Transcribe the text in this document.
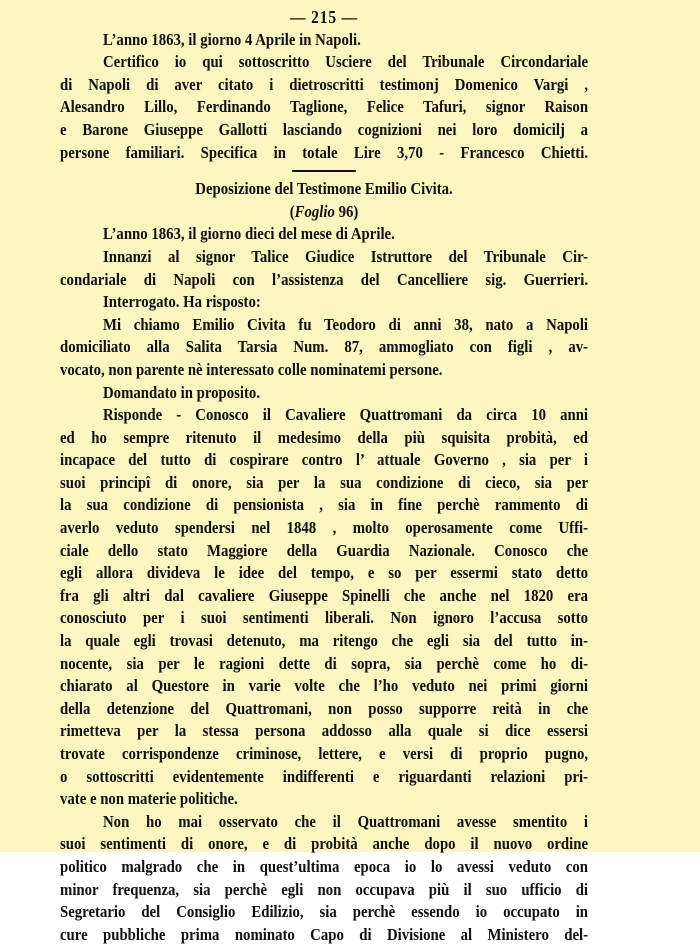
— 215 —
L’anno 1863, il giorno 4 Aprile in Napoli.
Certifico io qui sottoscritto Usciere del Tribunale Circondariale
di Napoli di aver citato i dietroscritti testimonj Domenico Vargi ,
Alesandro Lillo, Ferdinando Taglione, Felice Tafuri, signor Raison
e Barone Giuseppe Gallotti lasciando cognizioni nei loro domicilj a
persone familiari. Specifica in totale Lire 3,70 - Francesco Chietti.
Deposizione del Testimone Emilio Civita.
(Foglio 96)
L’anno 1863, il giorno dieci del mese di Aprile.
Innanzi al signor Talice Giudice Istruttore del Tribunale Cir-
condariale di Napoli con l’assistenza del Cancelliere sig. Guerrieri.
Interrogato. Ha risposto:
Mi chiamo Emilio Civita fu Teodoro di anni 38, nato a Napoli
domiciliato alla Salita Tarsia Num. 87, ammogliato con figli , av-
vocato, non parente nè interessato colle nominatemi persone.
Domandato in proposito.
Risponde - Conosco il Cavaliere Quattromani da circa 10 anni
ed ho sempre ritenuto il medesimo della più squisita probità, ed
incapace del tutto di cospirare contro l’ attuale Governo , sia per i
suoi principî di onore, sia per la sua condizione di cieco, sia per
la sua condizione di pensionista , sia in fine perchè rammento di
averlo veduto spendersi nel 1848 , molto operosamente come Uffi-
ciale dello stato Maggiore della Guardia Nazionale. Conosco che
egli allora divideva le idee del tempo, e so per essermi stato detto
fra gli altri dal cavaliere Giuseppe Spinelli che anche nel 1820 era
conosciuto per i suoi sentimenti liberali. Non ignoro l’accusa sotto
la quale egli trovasi detenuto, ma ritengo che egli sia del tutto in-
nocente, sia per le ragioni dette di sopra, sia perchè come ho di-
chiarato al Questore in varie volte che l’ho veduto nei primi giorni
della detenzione del Quattromani, non posso supporre reità in che
rimetteva per la stessa persona addosso alla quale si dice essersi
trovate corrispondenze criminose, lettere, e versi di proprio pugno,
o sottoscritti evidentemente indifferenti e riguardanti relazioni pri-
vate e non materie politiche.
Non ho mai osservato che il Quattromani avesse smentito i
suoi sentimenti di onore, e di probità anche dopo il nuovo ordine
politico malgrado che in quest’ultima epoca io lo avessi veduto con
minor frequenza, sia perchè egli non occupava più il suo ufficio di
Segretario del Consiglio Edilizio, sia perchè essendo io occupato in
cure pubbliche prima nominato Capo di Divisione al Ministero del-
